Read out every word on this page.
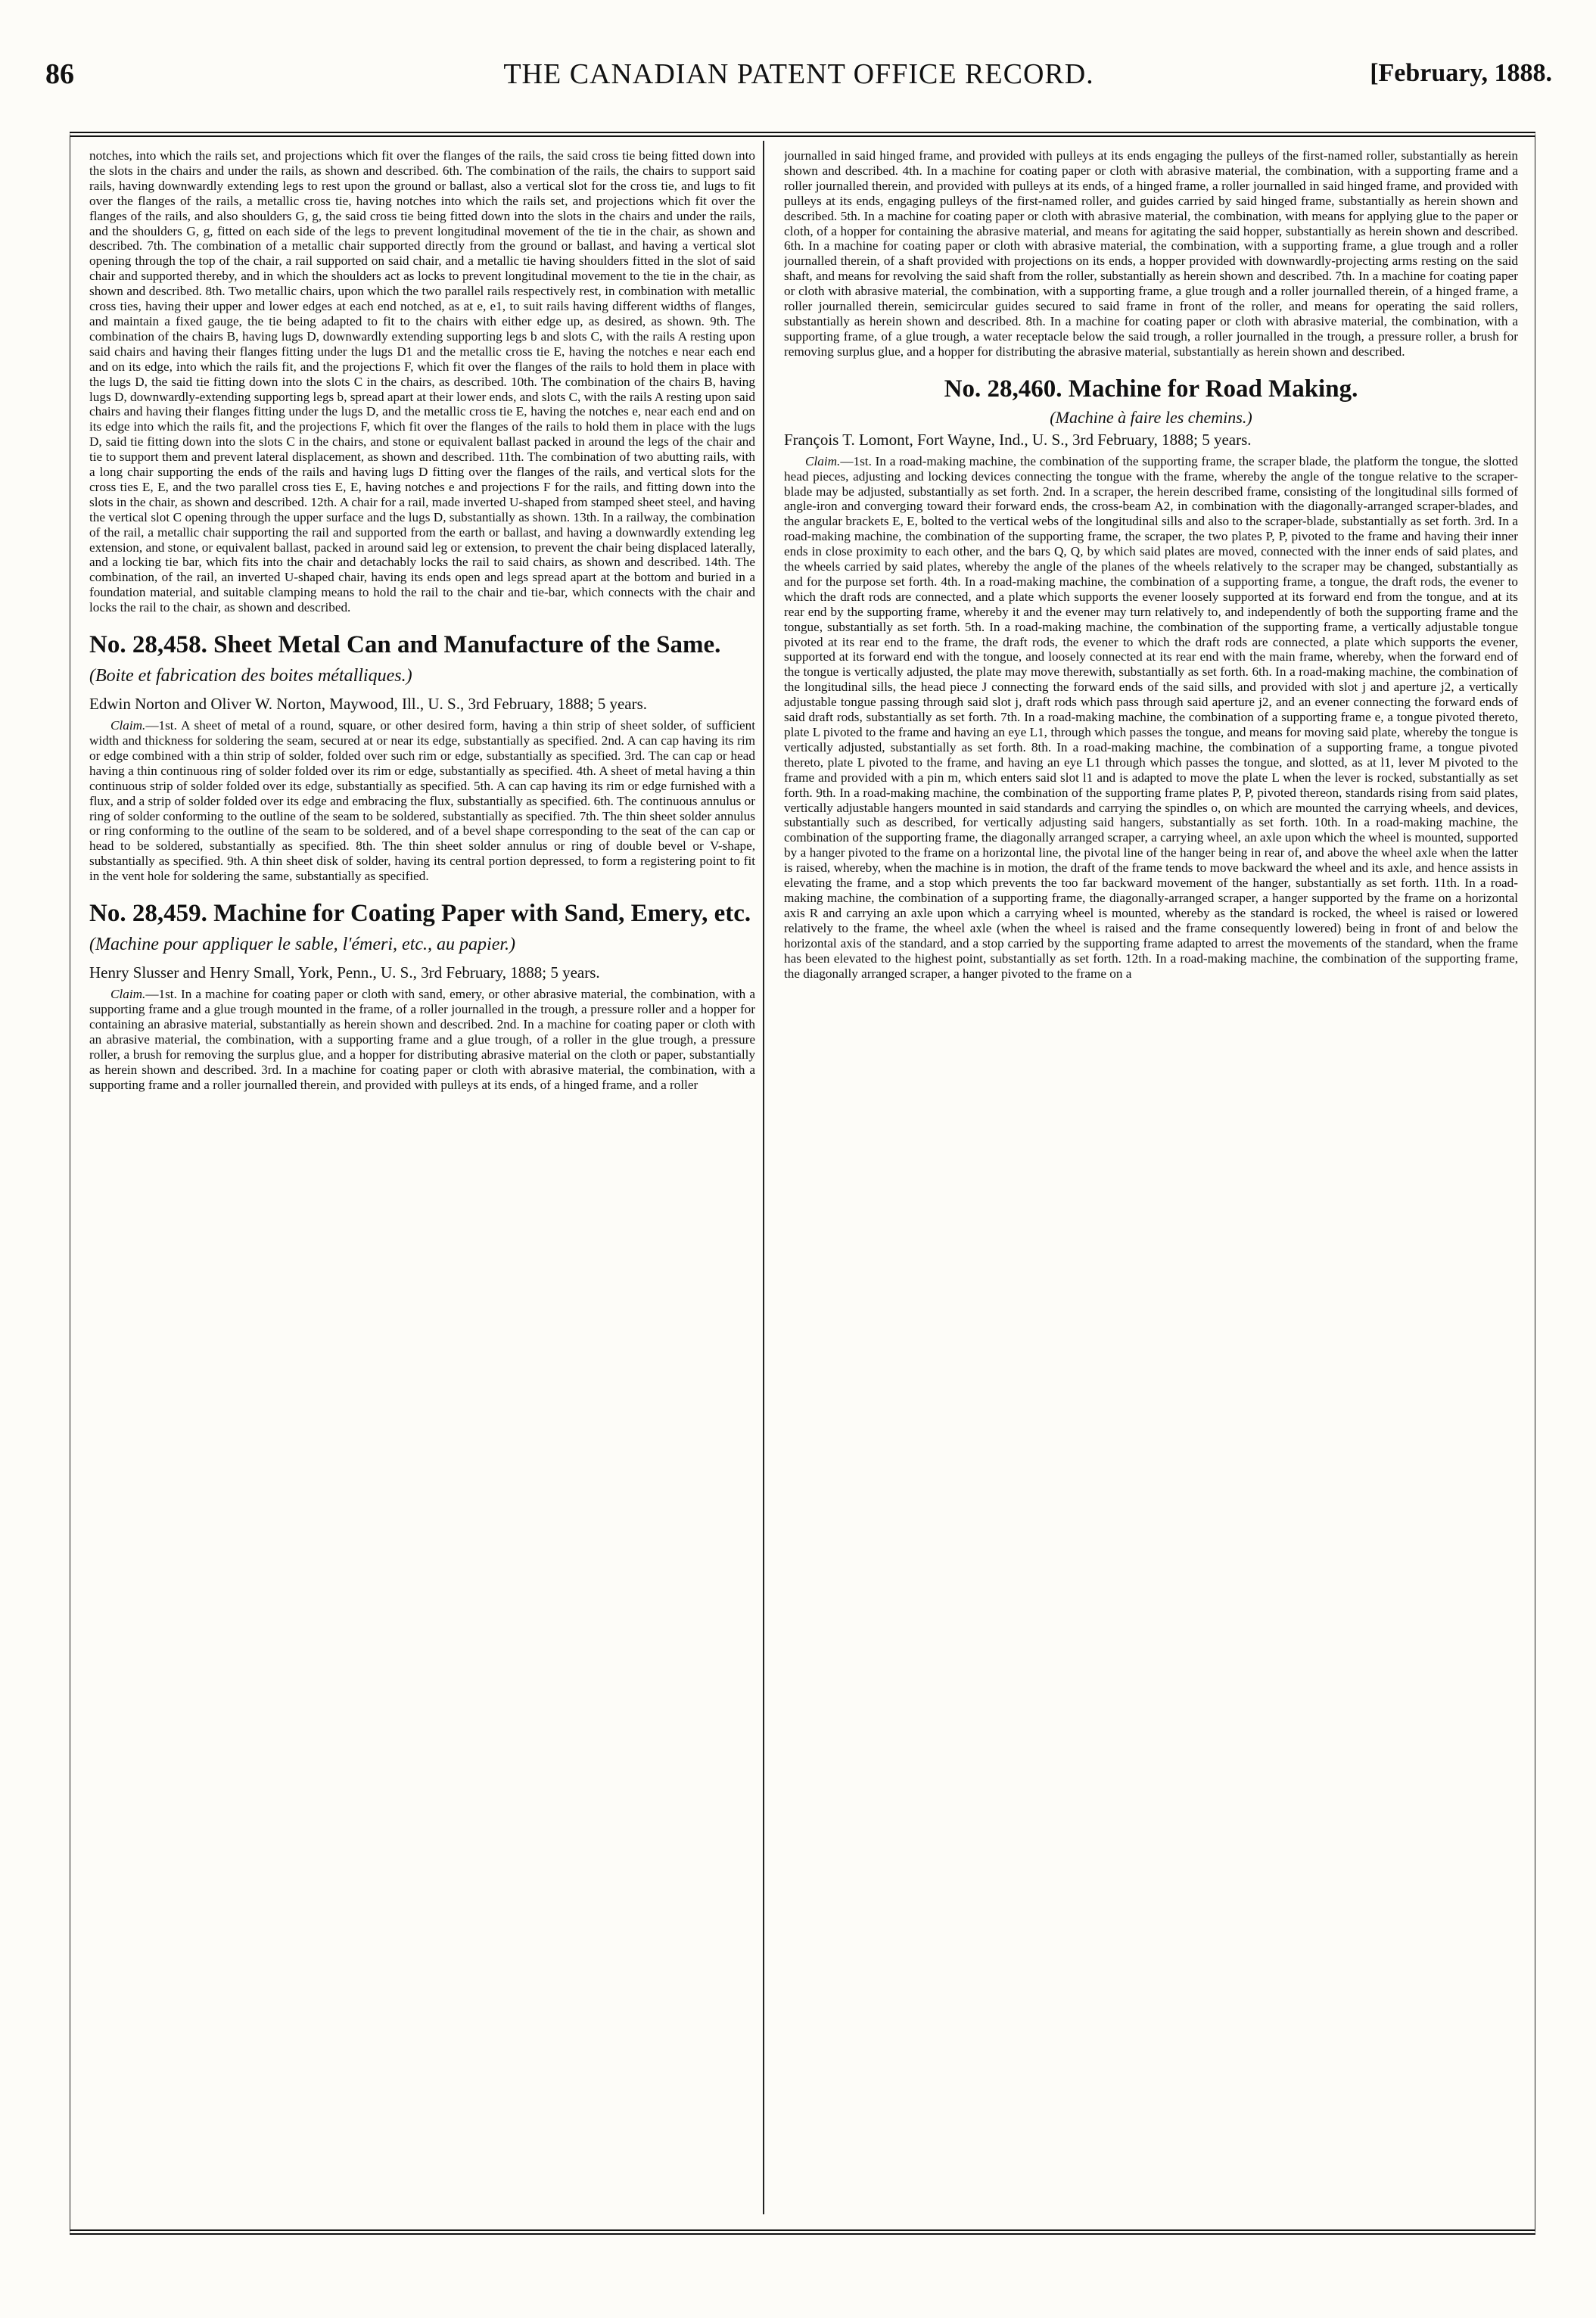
86	THE CANADIAN PATENT OFFICE RECORD.	[February, 1888.

notches, into which the rails set, and projections which fit over the flanges of the rails, the said cross tie being fitted down into the slots in the chairs and under the rails, as shown and described. 6th. The combination of the rails, the chairs to support said rails, having downwardly extending legs to rest upon the ground or ballast, also a vertical slot for the cross tie, and lugs to fit over the flanges of the rails, a metallic cross tie, having notches into which the rails set, and projections which fit over the flanges of the rails, and also shoulders G, g, the said cross tie being fitted down into the slots in the chairs and under the rails, and the shoulders G, g, fitted on each side of the legs to prevent longitudinal movement of the tie in the chair, as shown and described. 7th. The combination of a metallic chair supported directly from the ground or ballast, and having a vertical slot opening through the top of the chair, a rail supported on said chair, and a metallic tie having shoulders fitted in the slot of said chair and supported thereby, and in which the shoulders act as locks to prevent longitudinal movement to the tie in the chair, as shown and described. 8th. Two metallic chairs, upon which the two parallel rails respectively rest, in combination with metallic cross ties, having their upper and lower edges at each end notched, as at e, e1, to suit rails having different widths of flanges, and maintain a fixed gauge, the tie being adapted to fit to the chairs with either edge up, as desired, as shown. 9th. The combination of the chairs B, having lugs D, downwardly extending supporting legs b and slots C, with the rails A resting upon said chairs and having their flanges fitting under the lugs D1 and the metallic cross tie E, having the notches e near each end and on its edge, into which the rails fit, and the projections F, which fit over the flanges of the rails to hold them in place with the lugs D, the said tie fitting down into the slots C in the chairs, as described. 10th. The combination of the chairs B, having lugs D, downwardly-extending supporting legs b, spread apart at their lower ends, and slots C, with the rails A resting upon said chairs and having their flanges fitting under the lugs D, and the metallic cross tie E, having the notches e, near each end and on its edge into which the rails fit, and the projections F, which fit over the flanges of the rails to hold them in place with the lugs D, said tie fitting down into the slots C in the chairs, and stone or equivalent ballast packed in around the legs of the chair and tie to support them and prevent lateral displacement, as shown and described. 11th. The combination of two abutting rails, with a long chair supporting the ends of the rails and having lugs D fitting over the flanges of the rails, and vertical slots for the cross ties E, E, and the two parallel cross ties E, E, having notches e and projections F for the rails, and fitting down into the slots in the chair, as shown and described. 12th. A chair for a rail, made inverted U-shaped from stamped sheet steel, and having the vertical slot C opening through the upper surface and the lugs D, substantially as shown. 13th. In a railway, the combination of the rail, a metallic chair supporting the rail and supported from the earth or ballast, and having a downwardly extending leg extension, and stone, or equivalent ballast, packed in around said leg or extension, to prevent the chair being displaced laterally, and a locking tie bar, which fits into the chair and detachably locks the rail to said chairs, as shown and described. 14th. The combination, of the rail, an inverted U-shaped chair, having its ends open and legs spread apart at the bottom and buried in a foundation material, and suitable clamping means to hold the rail to the chair and tie-bar, which connects with the chair and locks the rail to the chair, as shown and described.

No. 28,458. Sheet Metal Can and Manufacture of the Same. (Boite et fabrication des boites métalliques.)

Edwin Norton and Oliver W. Norton, Maywood, Ill., U. S., 3rd February, 1888; 5 years.

Claim.—1st. A sheet of metal of a round, square, or other desired form, having a thin strip of sheet solder, of sufficient width and thickness for soldering the seam, secured at or near its edge, substantially as specified. 2nd. A can cap having its rim or edge combined with a thin strip of solder, folded over such rim or edge, substantially as specified. 3rd. The can cap or head having a thin continuous ring of solder folded over its rim or edge, substantially as specified. 4th. A sheet of metal having a thin continuous strip of solder folded over its edge, substantially as specified. 5th. A can cap having its rim or edge furnished with a flux, and a strip of solder folded over its edge and embracing the flux, substantially as specified. 6th. The continuous annulus or ring of solder conforming to the outline of the seam to be soldered, substantially as specified. 7th. The thin sheet solder annulus or ring conforming to the outline of the seam to be soldered, and of a bevel shape corresponding to the seat of the can cap or head to be soldered, substantially as specified. 8th. The thin sheet solder annulus or ring of double bevel or V-shape, substantially as specified. 9th. A thin sheet disk of solder, having its central portion depressed, to form a registering point to fit in the vent hole for soldering the same, substantially as specified.

No. 28,459. Machine for Coating Paper with Sand, Emery, etc. (Machine pour appliquer le sable, l'émeri, etc., au papier.)

Henry Slusser and Henry Small, York, Penn., U. S., 3rd February, 1888; 5 years.

Claim.—1st. In a machine for coating paper or cloth with sand, emery, or other abrasive material, the combination, with a supporting frame and a glue trough mounted in the frame, of a roller journalled in the trough, a pressure roller and a hopper for containing an abrasive material, substantially as herein shown and described. 2nd. In a machine for coating paper or cloth with an abrasive material, the combination, with a supporting frame and a glue trough, of a roller in the glue trough, a pressure roller, a brush for removing the surplus glue, and a hopper for distributing abrasive material on the cloth or paper, substantially as herein shown and described. 3rd. In a machine for coating paper or cloth with abrasive material, the combination, with a supporting frame and a roller journalled therein, and provided with pulleys at its ends, of a hinged frame, and a roller

journalled in said hinged frame, and provided with pulleys at its ends engaging the pulleys of the first-named roller, substantially as herein shown and described. 4th. In a machine for coating paper or cloth with abrasive material, the combination, with a supporting frame and a roller journalled therein, and provided with pulleys at its ends, of a hinged frame, a roller journalled in said hinged frame, and provided with pulleys at its ends, engaging pulleys of the first-named roller, and guides carried by said hinged frame, substantially as herein shown and described. 5th. In a machine for coating paper or cloth with abrasive material, the combination, with means for applying glue to the paper or cloth, of a hopper for containing the abrasive material, and means for agitating the said hopper, substantially as herein shown and described. 6th. In a machine for coating paper or cloth with abrasive material, the combination, with a supporting frame, a glue trough and a roller journalled therein, of a shaft provided with projections on its ends, a hopper provided with downwardly-projecting arms resting on the said shaft, and means for revolving the said shaft from the roller, substantially as herein shown and described. 7th. In a machine for coating paper or cloth with abrasive material, the combination, with a supporting frame, a glue trough and a roller journalled therein, of a hinged frame, a roller journalled therein, semicircular guides secured to said frame in front of the roller, and means for operating the said rollers, substantially as herein shown and described. 8th. In a machine for coating paper or cloth with abrasive material, the combination, with a supporting frame, of a glue trough, a water receptacle below the said trough, a roller journalled in the trough, a pressure roller, a brush for removing surplus glue, and a hopper for distributing the abrasive material, substantially as herein shown and described.

No. 28,460. Machine for Road Making.

(Machine à faire les chemins.)

François T. Lomont, Fort Wayne, Ind., U. S., 3rd February, 1888; 5 years.

Claim.—1st. In a road-making machine, the combination of the supporting frame, the scraper blade, the platform the tongue, the slotted head pieces, adjusting and locking devices connecting the tongue with the frame, whereby the angle of the tongue relative to the scraper-blade may be adjusted, substantially as set forth. 2nd. In a scraper, the herein described frame, consisting of the longitudinal sills formed of angle-iron and converging toward their forward ends, the cross-beam A2, in combination with the diagonally-arranged scraper-blades, and the angular brackets E, E, bolted to the vertical webs of the longitudinal sills and also to the scraper-blade, substantially as set forth. 3rd. In a road-making machine, the combination of the supporting frame, the scraper, the two plates P, P, pivoted to the frame and having their inner ends in close proximity to each other, and the bars Q, Q, by which said plates are moved, connected with the inner ends of said plates, and the wheels carried by said plates, whereby the angle of the planes of the wheels relatively to the scraper may be changed, substantially as and for the purpose set forth. 4th. In a road-making machine, the combination of a supporting frame, a tongue, the draft rods, the evener to which the draft rods are connected, and a plate which supports the evener loosely supported at its forward end from the tongue, and at its rear end by the supporting frame, whereby it and the evener may turn relatively to, and independently of both the supporting frame and the tongue, substantially as set forth. 5th. In a road-making machine, the combination of the supporting frame, a vertically adjustable tongue pivoted at its rear end to the frame, the draft rods, the evener to which the draft rods are connected, a plate which supports the evener, supported at its forward end with the tongue, and loosely connected at its rear end with the main frame, whereby, when the forward end of the tongue is vertically adjusted, the plate may move therewith, substantially as set forth. 6th. In a road-making machine, the combination of the longitudinal sills, the head piece J connecting the forward ends of the said sills, and provided with slot j and aperture j2, a vertically adjustable tongue passing through said slot j, draft rods which pass through said aperture j2, and an evener connecting the forward ends of said draft rods, substantially as set forth. 7th. In a road-making machine, the combination of a supporting frame e, a tongue pivoted thereto, plate L pivoted to the frame and having an eye L1, through which passes the tongue, and means for moving said plate, whereby the tongue is vertically adjusted, substantially as set forth. 8th. In a road-making machine, the combination of a supporting frame, a tongue pivoted thereto, plate L pivoted to the frame, and having an eye L1 through which passes the tongue, and slotted, as at l1, lever M pivoted to the frame and provided with a pin m, which enters said slot l1 and is adapted to move the plate L when the lever is rocked, substantially as set forth. 9th. In a road-making machine, the combination of the supporting frame plates P, P, pivoted thereon, standards rising from said plates, vertically adjustable hangers mounted in said standards and carrying the spindles o, on which are mounted the carrying wheels, and devices, substantially such as described, for vertically adjusting said hangers, substantially as set forth. 10th. In a road-making machine, the combination of the supporting frame, the diagonally arranged scraper, a carrying wheel, an axle upon which the wheel is mounted, supported by a hanger pivoted to the frame on a horizontal line, the pivotal line of the hanger being in rear of, and above the wheel axle when the latter is raised, whereby, when the machine is in motion, the draft of the frame tends to move backward the wheel and its axle, and hence assists in elevating the frame, and a stop which prevents the too far backward movement of the hanger, substantially as set forth. 11th. In a road-making machine, the combination of a supporting frame, the diagonally-arranged scraper, a hanger supported by the frame on a horizontal axis R and carrying an axle upon which a carrying wheel is mounted, whereby as the standard is rocked, the wheel is raised or lowered relatively to the frame, the wheel axle (when the wheel is raised and the frame consequently lowered) being in front of and below the horizontal axis of the standard, and a stop carried by the supporting frame adapted to arrest the movements of the standard, when the frame has been elevated to the highest point, substantially as set forth. 12th. In a road-making machine, the combination of the supporting frame, the diagonally arranged scraper, a hanger pivoted to the frame on a
